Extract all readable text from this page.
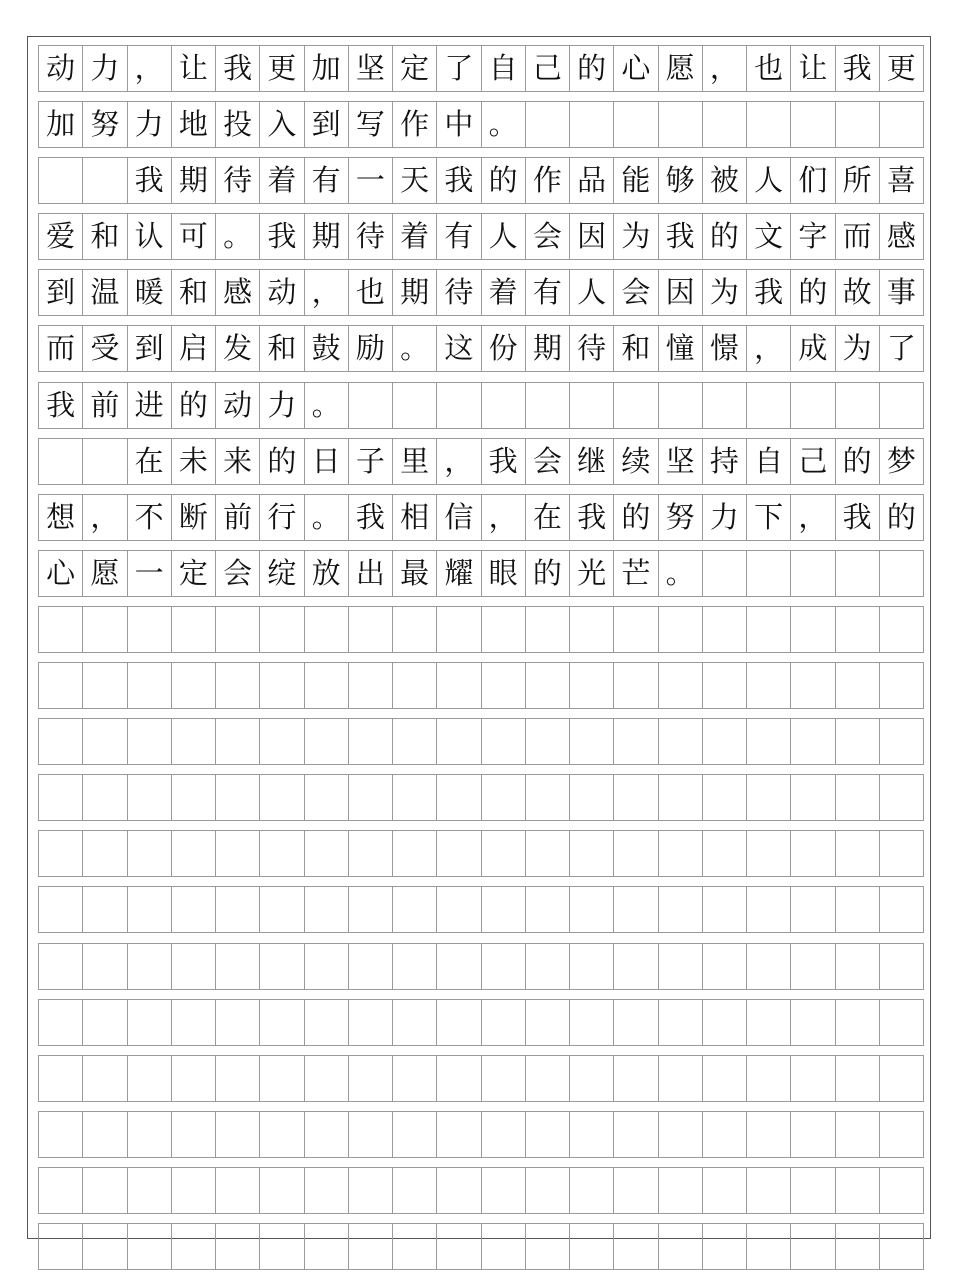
动 力 ， 让 我 更 加 坚 定 了 自 己 的 心 愿 ， 也 让 我 更
加 努 力 地 投 入 到 写 作 中 。
我 期 待 着 有 一 天 我 的 作 品 能 够 被 人 们 所 喜
爱 和 认 可 。 我 期 待 着 有 人 会 因 为 我 的 文 字 而 感
到 温 暖 和 感 动 ， 也 期 待 着 有 人 会 因 为 我 的 故 事
而 受 到 启 发 和 鼓 励 。 这 份 期 待 和 憧 憬 ， 成 为 了
我 前 进 的 动 力 。
在 未 来 的 日 子 里 ， 我 会 继 续 坚 持 自 己 的 梦
想 ， 不 断 前 行 。 我 相 信 ， 在 我 的 努 力 下 ， 我 的
心 愿 一 定 会 绽 放 出 最 耀 眼 的 光 芒 。
